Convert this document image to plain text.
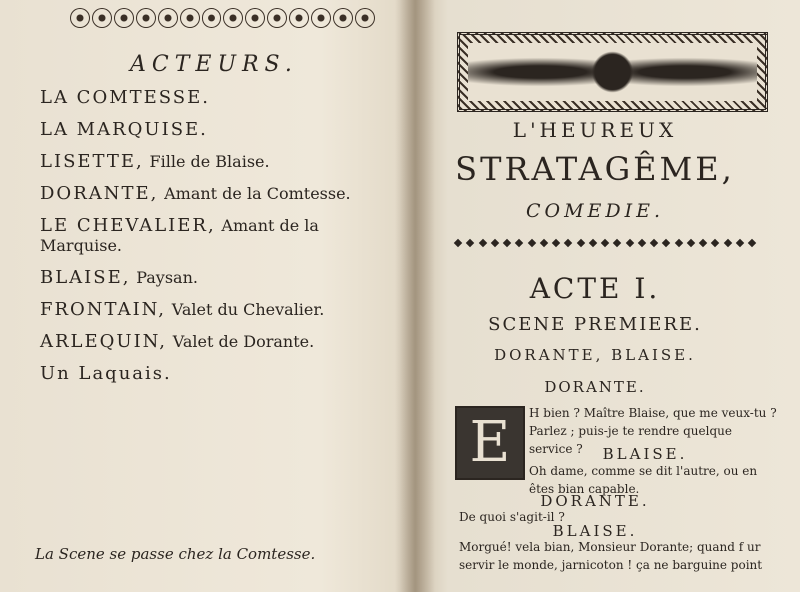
ACTEURS.
LA COMTESSE.
LA MARQUISE.
LISETTE, Fille de Blaise.
DORANTE, Amant de la Comtesse.
LE CHEVALIER, Amant de la Marquise.
BLAISE, Paysan.
FRONTAIN, Valet du Chevalier.
ARLEQUIN, Valet de Dorante.
Un Laquais.
La Scene se passe chez la Comtesse.
L'HEUREUX
STRATAGÊME,
COMEDIE.
ACTE I.
SCENE PREMIERE.
DORANTE, BLAISE.
DORANTE.
E	H bien ? Maître Blaise, que me veux-tu ? Parlez ; puis-je te rendre quelque service ?	BLAISE.
Oh dame, comme se dit l'autre, ou en êtes bian capable.
DORANTE.
De quoi s'agit-il ?
BLAISE.
Morgué! vela bian, Monsieur Dorante; quand f ur servir le monde, jarnicoton ! ça ne barguine point
